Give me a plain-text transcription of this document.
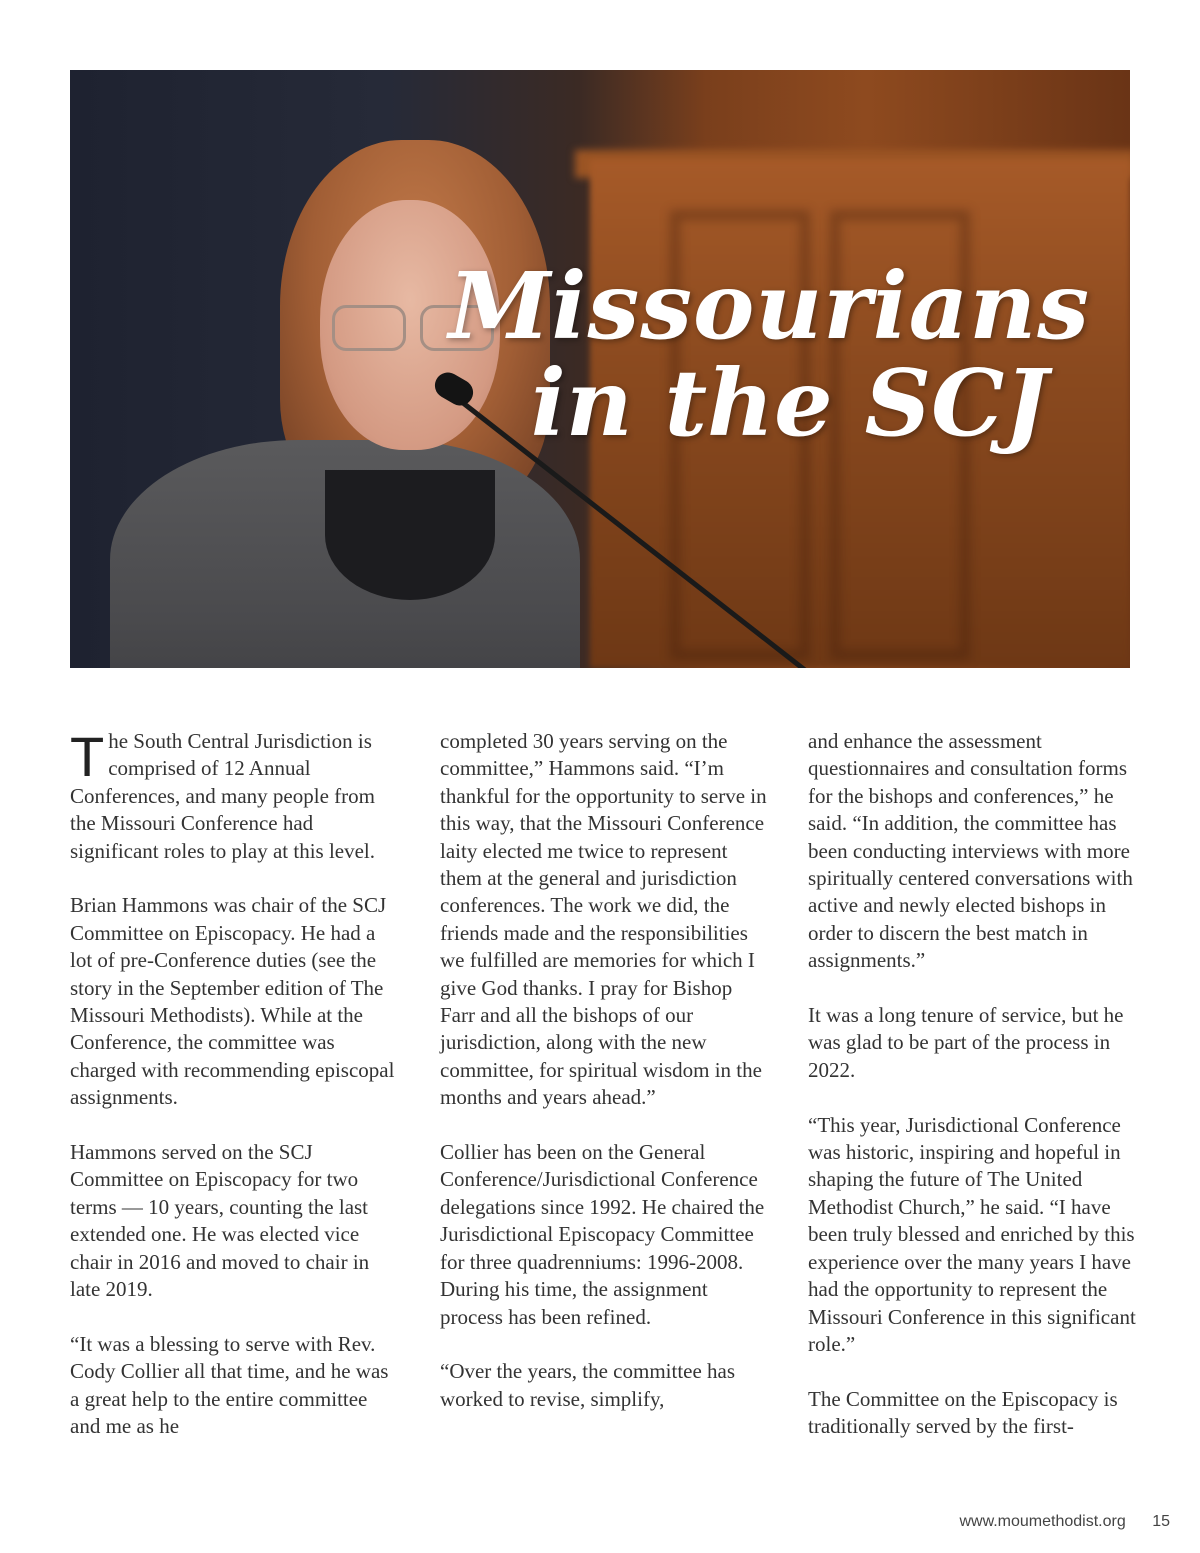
Missourians
in the SCJ

The South Central Jurisdiction is comprised of 12 Annual Conferences, and many people from the Missouri Conference had significant roles to play at this level.

Brian Hammons was chair of the SCJ Committee on Episcopacy. He had a lot of pre-Conference duties (see the story in the September edition of The Missouri Methodists). While at the Conference, the committee was charged with recommending episcopal assignments.

Hammons served on the SCJ Committee on Episcopacy for two terms — 10 years, counting the last extended one. He was elected vice chair in 2016 and moved to chair in late 2019.

“It was a blessing to serve with Rev. Cody Collier all that time, and he was a great help to the entire committee and me as he

completed 30 years serving on the committee,” Hammons said. “I’m thankful for the opportunity to serve in this way, that the Missouri Conference laity elected me twice to represent them at the general and jurisdiction conferences. The work we did, the friends made and the responsibilities we fulfilled are memories for which I give God thanks. I pray for Bishop Farr and all the bishops of our jurisdiction, along with the new committee, for spiritual wisdom in the months and years ahead.”

Collier has been on the General Conference/Jurisdictional Conference delegations since 1992. He chaired the Jurisdictional Episcopacy Committee for three quadrenniums: 1996-2008. During his time, the assignment process has been refined.

“Over the years, the committee has worked to revise, simplify,

and enhance the assessment questionnaires and consultation forms for the bishops and conferences,” he said. “In addition, the committee has been conducting interviews with more spiritually centered conversations with active and newly elected bishops in order to discern the best match in assignments.”

It was a long tenure of service, but he was glad to be part of the process in 2022.

“This year, Jurisdictional Conference was historic, inspiring and hopeful in shaping the future of The United Methodist Church,” he said. “I have been truly blessed and enriched by this experience over the many years I have had the opportunity to represent the Missouri Conference in this significant role.”

The Committee on the Episcopacy is traditionally served by the first-

www.moumethodist.org 15
